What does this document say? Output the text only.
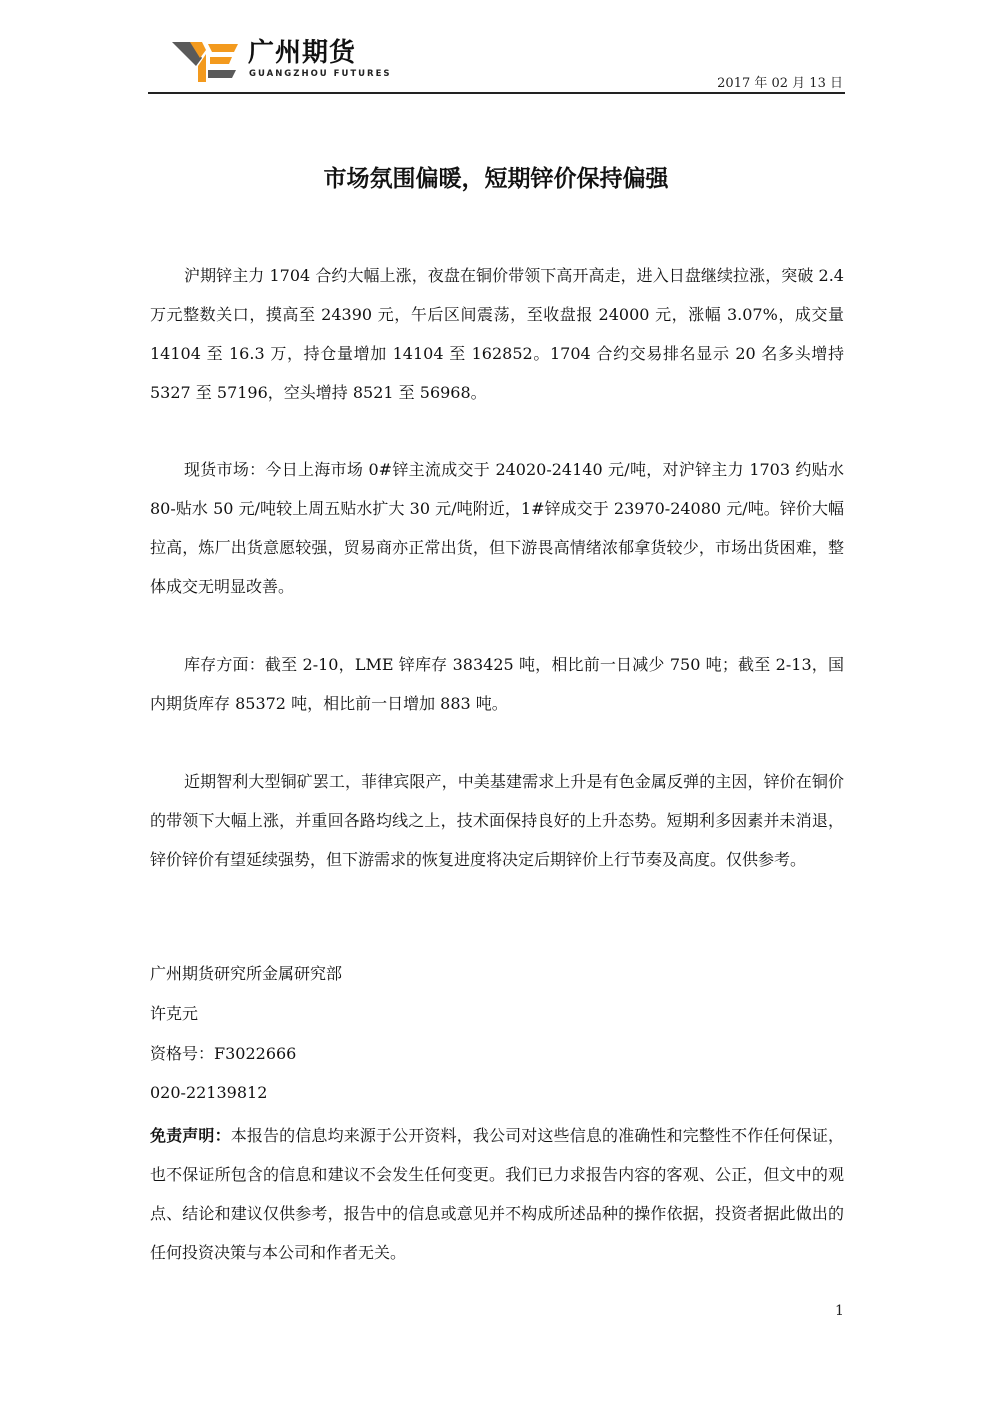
广州期货
GUANGZHOU FUTURES
2017 年 02 月 13 日
市场氛围偏暖，短期锌价保持偏强

沪期锌主力 1704 合约大幅上涨，夜盘在铜价带领下高开高走，进入日盘继续拉涨，突破 2.4 万元整数关口，摸高至 24390 元，午后区间震荡，至收盘报 24000 元，涨幅 3.07%，成交量 14104 至 16.3 万，持仓量增加 14104 至 162852。1704 合约交易排名显示 20 名多头增持 5327 至 57196，空头增持 8521 至 56968。

现货市场：今日上海市场 0#锌主流成交于 24020-24140 元/吨，对沪锌主力 1703 约贴水 80-贴水 50 元/吨较上周五贴水扩大 30 元/吨附近，1#锌成交于 23970-24080 元/吨。锌价大幅拉高，炼厂出货意愿较强，贸易商亦正常出货，但下游畏高情绪浓郁拿货较少，市场出货困难，整体成交无明显改善。

库存方面：截至 2-10，LME 锌库存 383425 吨，相比前一日减少 750 吨；截至 2-13，国内期货库存 85372 吨，相比前一日增加 883 吨。

近期智利大型铜矿罢工，菲律宾限产，中美基建需求上升是有色金属反弹的主因，锌价在铜价的带领下大幅上涨，并重回各路均线之上，技术面保持良好的上升态势。短期利多因素并未消退，锌价锌价有望延续强势，但下游需求的恢复进度将决定后期锌价上行节奏及高度。仅供参考。

广州期货研究所金属研究部
许克元
资格号：F3022666
020-22139812
免责声明：本报告的信息均来源于公开资料，我公司对这些信息的准确性和完整性不作任何保证，也不保证所包含的信息和建议不会发生任何变更。我们已力求报告内容的客观、公正，但文中的观点、结论和建议仅供参考，报告中的信息或意见并不构成所述品种的操作依据，投资者据此做出的任何投资决策与本公司和作者无关。
1
